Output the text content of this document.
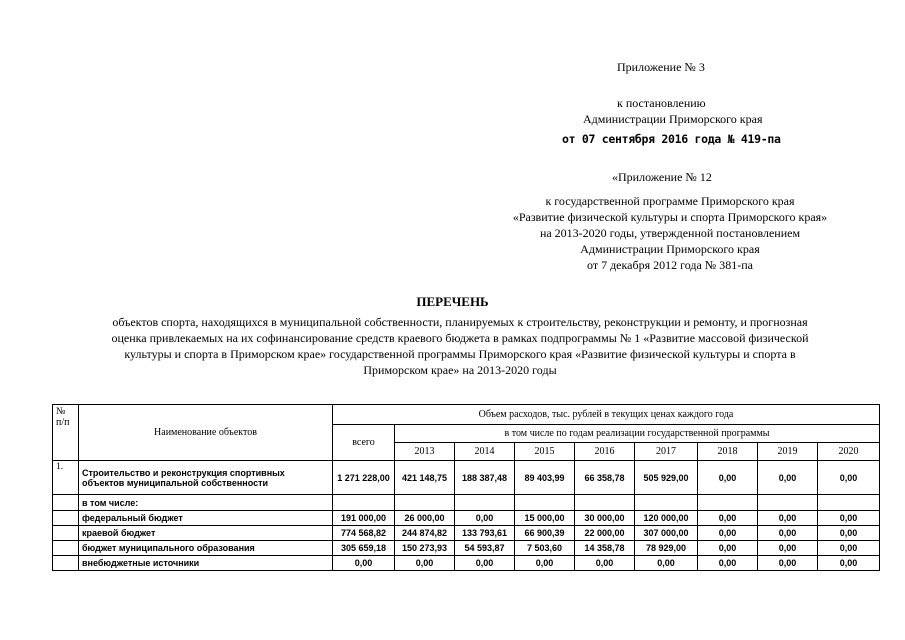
Приложение № 3
к постановлению
Администрации Приморского края
от 07 сентября 2016 года № 419-па
«Приложение № 12
к государственной программе Приморского края
«Развитие физической культуры и спорта Приморского края»
на 2013-2020 годы, утвержденной постановлением
Администрации Приморского края
от 7 декабря 2012 года № 381-па
ПЕРЕЧЕНЬ
объектов спорта, находящихся в муниципальной собственности, планируемых к строительству, реконструкции и ремонту, и прогнозная
оценка привлекаемых на их софинансирование средств краевого бюджета в рамках подпрограммы № 1 «Развитие массовой физической
культуры и спорта в Приморском крае» государственной программы Приморского края «Развитие физической культуры и спорта в
Приморском крае» на 2013-2020 годы
№
п/п	Наименование объектов	Объем расходов, тыс. рублей в текущих ценах каждого года								
		всего	в том числе по годам реализации государственной программы							
			2013	2014	2015	2016	2017	2018	2019	2020
1.	Строительство и реконструкция спортивных объектов муниципальной собственности	1 271 228,00	421 148,75	188 387,48	89 403,99	66 358,78	505 929,00	0,00	0,00	0,00
	в том числе:									
	федеральный бюджет	191 000,00	26 000,00	0,00	15 000,00	30 000,00	120 000,00	0,00	0,00	0,00
	краевой бюджет	774 568,82	244 874,82	133 793,61	66 900,39	22 000,00	307 000,00	0,00	0,00	0,00
	бюджет муниципального образования	305 659,18	150 273,93	54 593,87	7 503,60	14 358,78	78 929,00	0,00	0,00	0,00
	внебюджетные источники	0,00	0,00	0,00	0,00	0,00	0,00	0,00	0,00	0,00
